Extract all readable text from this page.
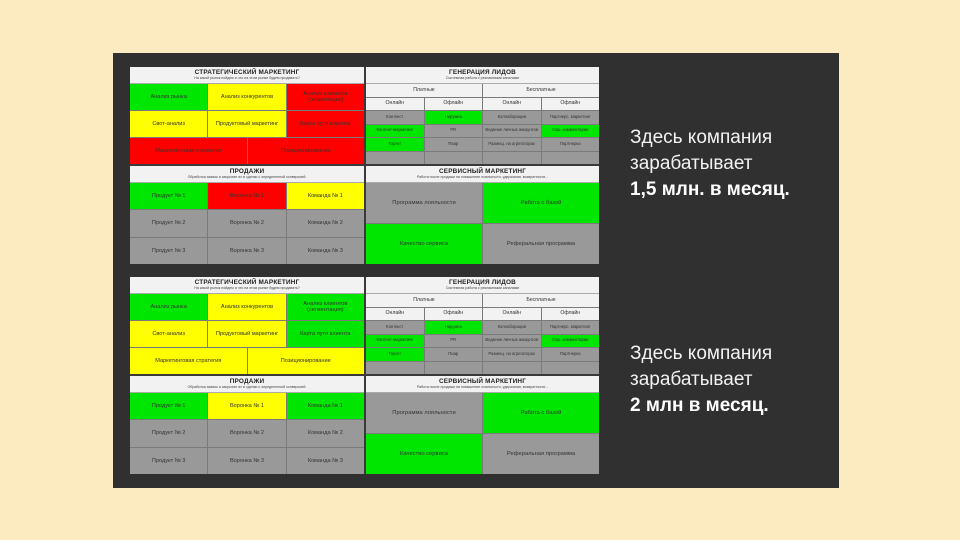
СТРАТЕГИЧЕСКИЙ МАРКЕТИНГ
На какой рынок пойдем и что на этом рынке будем продавать?
Анализ рынка	Анализ конкурентов	Анализ клиентов (сегментация)
Свот-анализ	Продуктовый маркетинг	Карта пути клиента
Маркетинговая стратегия	Позиционирование
ГЕНЕРАЦИЯ ЛИДОВ
Системная работа с рекламными каналами
Платные	Бесплатные
Онлайн	Офлайн	Онлайн	Офлайн
Контекст	Наружка	Коллаборации	Партнерс. маркетинг
Контент-маркетинг	PR	Ведение личных аккаунтов	Хэш. комментарии
Таргет	Пиар	Размещ. на агрегаторах	Партнерка
ПРОДАЖИ
Обработка заявок и закрытие их в сделки с определенной конверсией.
Продукт № 1	Воронка № 1	Команда № 1
Продукт № 2	Воронка № 2	Команда № 2
Продукт № 3	Воронка № 3	Команда № 3
СЕРВИСНЫЙ МАРКЕТИНГ
Работа после продажи на повышение лояльности, удержания, возвратности...
Программа лояльности	Работа с базой
Качество сервиса	Реферальная программа
СТРАТЕГИЧЕСКИЙ МАРКЕТИНГ
На какой рынок пойдем и что на этом рынке будем продавать?
Анализ рынка	Анализ конкурентов	Анализ клиентов (сегментация)
Свот-анализ	Продуктовый маркетинг	Карта пути клиента
Маркетинговая стратегия	Позиционирование
ГЕНЕРАЦИЯ ЛИДОВ
Системная работа с рекламными каналами
Платные	Бесплатные
Онлайн	Офлайн	Онлайн	Офлайн
Контекст	Наружка	Коллаборации	Партнерс. маркетинг
Контент-маркетинг	PR	Ведение личных аккаунтов	Хэш. комментарии
Таргет	Пиар	Размещ. на агрегаторах	Партнерка
ПРОДАЖИ
Обработка заявок и закрытие их в сделки с определенной конверсией.
Продукт № 1	Воронка № 1	Команда № 1
Продукт № 2	Воронка № 2	Команда № 2
Продукт № 3	Воронка № 3	Команда № 3
СЕРВИСНЫЙ МАРКЕТИНГ
Работа после продажи на повышение лояльности, удержания, возвратности...
Программа лояльности	Работа с базой
Качество сервиса	Реферальная программа
Здесь компания
зарабатывает
1,5 млн. в месяц.
Здесь компания
зарабатывает
2 млн в месяц.
